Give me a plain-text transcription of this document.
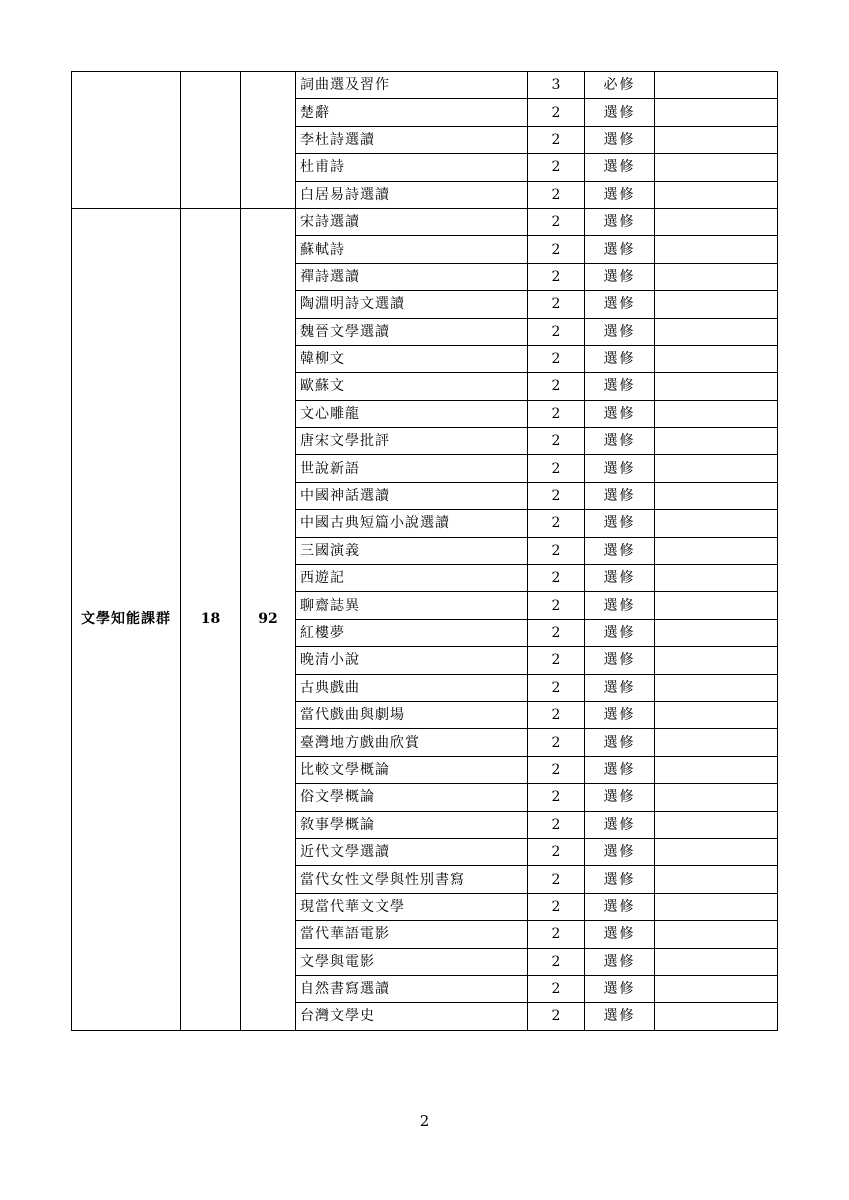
			詞曲選及習作	3	必修	
			楚辭	2	選修	
			李杜詩選讀	2	選修	
			杜甫詩	2	選修	
			白居易詩選讀	2	選修	
文學知能課群	18	92	宋詩選讀	2	選修	
			蘇軾詩	2	選修	
			禪詩選讀	2	選修	
			陶淵明詩文選讀	2	選修	
			魏晉文學選讀	2	選修	
			韓柳文	2	選修	
			歐蘇文	2	選修	
			文心雕龍	2	選修	
			唐宋文學批評	2	選修	
			世說新語	2	選修	
			中國神話選讀	2	選修	
			中國古典短篇小說選讀	2	選修	
			三國演義	2	選修	
			西遊記	2	選修	
			聊齋誌異	2	選修	
			紅樓夢	2	選修	
			晚清小說	2	選修	
			古典戲曲	2	選修	
			當代戲曲與劇場	2	選修	
			臺灣地方戲曲欣賞	2	選修	
			比較文學概論	2	選修	
			俗文學概論	2	選修	
			敘事學概論	2	選修	
			近代文學選讀	2	選修	
			當代女性文學與性別書寫	2	選修	
			現當代華文文學	2	選修	
			當代華語電影	2	選修	
			文學與電影	2	選修	
			自然書寫選讀	2	選修	
			台灣文學史	2	選修	
2
